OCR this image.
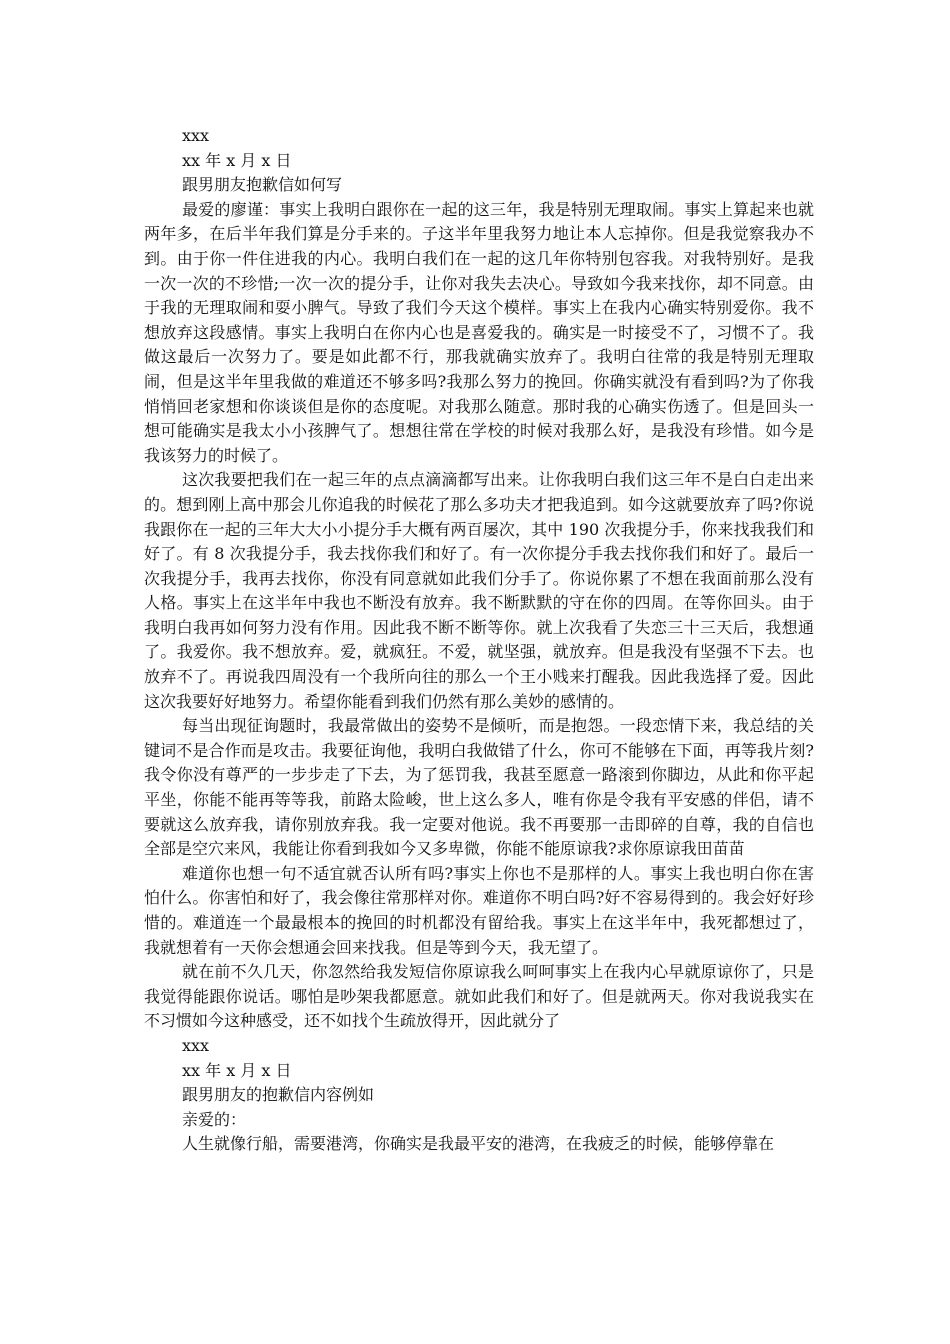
xxx

xx 年 x 月 x 日

跟男朋友抱歉信如何写

最爱的廖谨：事实上我明白跟你在一起的这三年，我是特别无理取闹。事实上算起来也就两年多，在后半年我们算是分手来的。子这半年里我努力地让本人忘掉你。但是我觉察我办不到。由于你一件住进我的内心。我明白我们在一起的这几年你特别包容我。对我特别好。是我一次一次的不珍惜;一次一次的提分手，让你对我失去决心。导致如今我来找你，却不同意。由于我的无理取闹和耍小脾气。导致了我们今天这个模样。事实上在我内心确实特别爱你。我不想放弃这段感情。事实上我明白在你内心也是喜爱我的。确实是一时接受不了，习惯不了。我做这最后一次努力了。要是如此都不行，那我就确实放弃了。我明白往常的我是特别无理取闹，但是这半年里我做的难道还不够多吗?我那么努力的挽回。你确实就没有看到吗?为了你我悄悄回老家想和你谈谈但是你的态度呢。对我那么随意。那时我的心确实伤透了。但是回头一想可能确实是我太小小孩脾气了。想想往常在学校的时候对我那么好，是我没有珍惜。如今是我该努力的时候了。

这次我要把我们在一起三年的点点滴滴都写出来。让你我明白我们这三年不是白白走出来的。想到刚上高中那会儿你追我的时候花了那么多功夫才把我追到。如今这就要放弃了吗?你说我跟你在一起的三年大大小小提分手大概有两百屡次，其中 190 次我提分手，你来找我我们和好了。有 8 次我提分手，我去找你我们和好了。有一次你提分手我去找你我们和好了。最后一次我提分手，我再去找你，你没有同意就如此我们分手了。你说你累了不想在我面前那么没有人格。事实上在这半年中我也不断没有放弃。我不断默默的守在你的四周。在等你回头。由于我明白我再如何努力没有作用。因此我不断不断等你。就上次我看了失恋三十三天后，我想通了。我爱你。我不想放弃。爱，就疯狂。不爱，就坚强，就放弃。但是我没有坚强不下去。也放弃不了。再说我四周没有一个我所向往的那么一个王小贱来打醒我。因此我选择了爱。因此这次我要好好地努力。希望你能看到我们仍然有那么美妙的感情的。

每当出现征询题时，我最常做出的姿势不是倾听，而是抱怨。一段恋情下来，我总结的关键词不是合作而是攻击。我要征询他，我明白我做错了什么，你可不能够在下面，再等我片刻?我令你没有尊严的一步步走了下去，为了惩罚我，我甚至愿意一路滚到你脚边，从此和你平起平坐，你能不能再等等我，前路太险峻，世上这么多人，唯有你是令我有平安感的伴侣，请不要就这么放弃我，请你别放弃我。我一定要对他说。我不再要那一击即碎的自尊，我的自信也全部是空穴来风，我能让你看到我如今又多卑微，你能不能原谅我?求你原谅我田苗苗

难道你也想一句不适宜就否认所有吗?事实上你也不是那样的人。事实上我也明白你在害怕什么。你害怕和好了，我会像往常那样对你。难道你不明白吗?好不容易得到的。我会好好珍惜的。难道连一个最最根本的挽回的时机都没有留给我。事实上在这半年中，我死都想过了，我就想着有一天你会想通会回来找我。但是等到今天，我无望了。

就在前不久几天，你忽然给我发短信你原谅我么呵呵事实上在我内心早就原谅你了，只是我觉得能跟你说话。哪怕是吵架我都愿意。就如此我们和好了。但是就两天。你对我说我实在不习惯如今这种感受，还不如找个生疏放得开，因此就分了

xxx

xx 年 x 月 x 日

跟男朋友的抱歉信内容例如

亲爱的：

人生就像行船，需要港湾，你确实是我最平安的港湾，在我疲乏的时候，能够停靠在
